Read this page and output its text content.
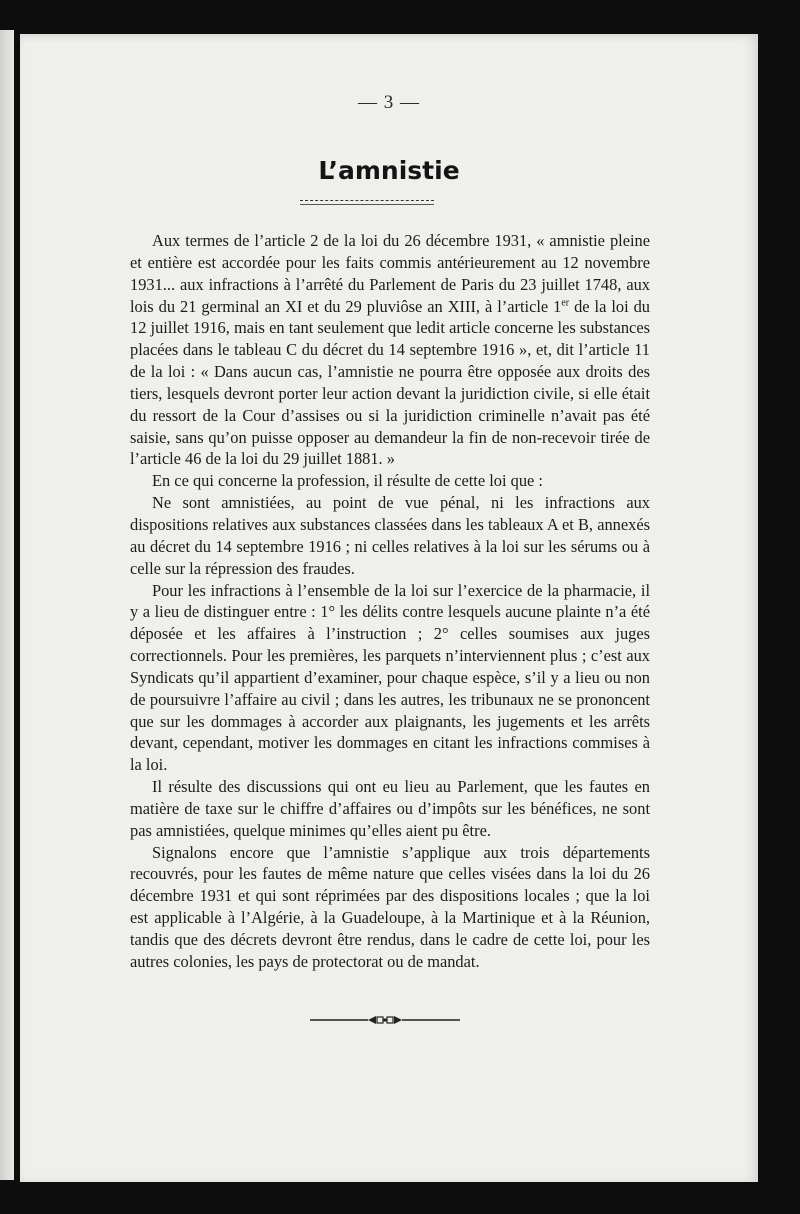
— 3 —
L’amnistie

Aux termes de l’article 2 de la loi du 26 décembre 1931, « amnistie pleine et entière est accordée pour les faits commis antérieurement au 12 novembre 1931... aux infractions à l’arrêté du Parlement de Paris du 23 juillet 1748, aux lois du 21 germinal an XI et du 29 pluviôse an XIII, à l’article 1er de la loi du 12 juillet 1916, mais en tant seulement que ledit article concerne les substances placées dans le tableau C du décret du 14 septembre 1916 », et, dit l’article 11 de la loi : « Dans aucun cas, l’amnistie ne pourra être opposée aux droits des tiers, lesquels devront porter leur action devant la juridiction civile, si elle était du ressort de la Cour d’assises ou si la juridiction criminelle n’avait pas été saisie, sans qu’on puisse opposer au demandeur la fin de non-recevoir tirée de l’article 46 de la loi du 29 juillet 1881. »

En ce qui concerne la profession, il résulte de cette loi que :

Ne sont amnistiées, au point de vue pénal, ni les infractions aux dispositions relatives aux substances classées dans les tableaux A et B, annexés au décret du 14 septembre 1916 ; ni celles relatives à la loi sur les sérums ou à celle sur la répression des fraudes.

Pour les infractions à l’ensemble de la loi sur l’exercice de la pharmacie, il y a lieu de distinguer entre : 1° les délits contre lesquels aucune plainte n’a été déposée et les affaires à l’instruction ; 2° celles soumises aux juges correctionnels. Pour les premières, les parquets n’interviennent plus ; c’est aux Syndicats qu’il appartient d’examiner, pour chaque espèce, s’il y a lieu ou non de poursuivre l’affaire au civil ; dans les autres, les tribunaux ne se prononcent que sur les dommages à accorder aux plaignants, les jugements et les arrêts devant, cependant, motiver les dommages en citant les infractions commises à la loi.

Il résulte des discussions qui ont eu lieu au Parlement, que les fautes en matière de taxe sur le chiffre d’affaires ou d’impôts sur les bénéfices, ne sont pas amnistiées, quelque minimes qu’elles aient pu être.

Signalons encore que l’amnistie s’applique aux trois départements recouvrés, pour les fautes de même nature que celles visées dans la loi du 26 décembre 1931 et qui sont réprimées par des dispositions locales ; que la loi est applicable à l’Algérie, à la Guadeloupe, à la Martinique et à la Réunion, tandis que des décrets devront être rendus, dans le cadre de cette loi, pour les autres colonies, les pays de protectorat ou de mandat.
